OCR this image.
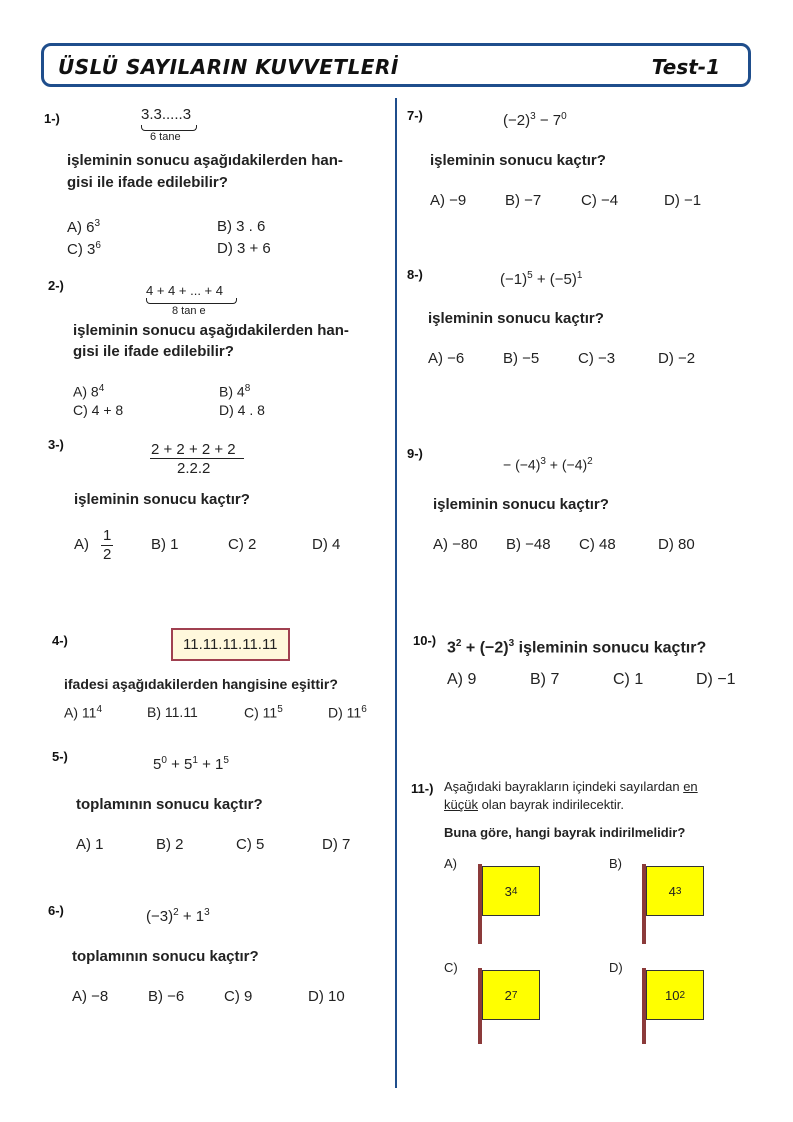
ÜSLÜ SAYILARIN KUVVETLERİ	Test-1
1-)	3.3.....3
6 tane
işleminin sonucu aşağıdakilerden han-
gisi ile ifade edilebilir?
A) $6^3$	B) 3 . 6
C) $3^6$	D) 3 + 6
2-)	4 + 4 + ... + 4
8 tan e
işleminin sonucu aşağıdakilerden han-
gisi ile ifade edilebilir?
A) $8^4$	B) $4^8$
C) 4 + 8	D) 4 . 8
3-)	2 + 2 + 2 + 2
2.2.2
işleminin sonucu kaçtır?
A)
1
2
B) 1	C) 2	D) 4
4-)	11.11.11.11.11
ifadesi aşağıdakilerden hangisine eşittir?
A) $11^4$	B) 11.11	C) $11^5$	D) $11^6$
5-)	$5^0 + 5^1 + 1^5$
toplamının sonucu kaçtır?
A) 1	B) 2	C) 5	D) 7
6-)	$(-3)^2 + 1^3$
toplamının sonucu kaçtır?
A) −8	B) −6	C) 9	D) 10
7-)	$(-2)^3 - 7^0$
işleminin sonucu kaçtır?
A) −9	B) −7	C) −4	D) −1
8-)	$(-1)^5 + (-5)^1$
işleminin sonucu kaçtır?
A) −6	B) −5	C) −3	D) −2
9-)
− $(-4)^3 + (-4)^2$
işleminin sonucu kaçtır?
A) −80 B) −48 C) 48	D) 80
10-) $3^2 + (-2)^3$ işleminin sonucu kaçtır?
A) 9	B) 7	C) 1	D) −1
11-) Aşağıdaki bayrakların içindeki sayılardan en
küçük olan bayrak indirilecektir.
Buna göre, hangi bayrak indirilmelidir?
A)
3 4
B)
4 3
C)
2 7
D)
10 2
